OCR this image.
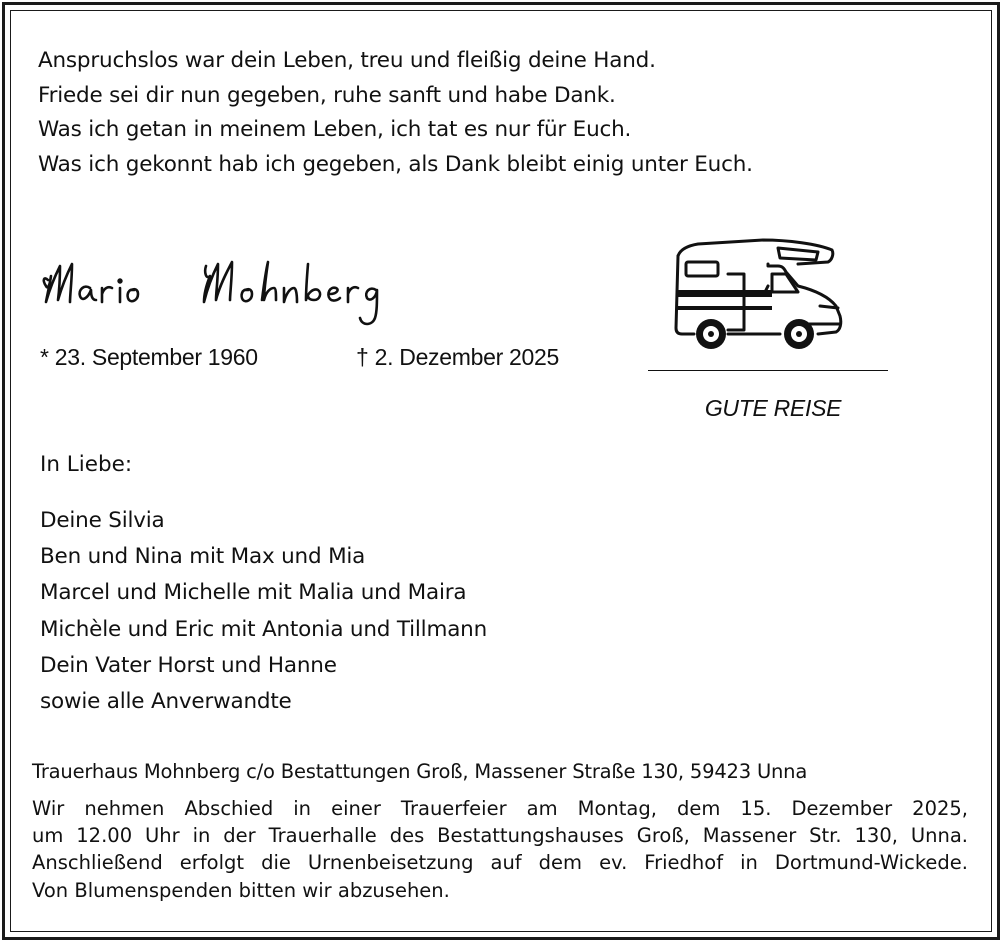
Anspruchslos war dein Leben, treu und fleißig deine Hand.
Friede sei dir nun gegeben, ruhe sanft und habe Dank.
Was ich getan in meinem Leben, ich tat es nur für Euch.
Was ich gekonnt hab ich gegeben, als Dank bleibt einig unter Euch.
* 23. September 1960	† 2. Dezember 2025
GUTE REISE
In Liebe:
Deine Silvia
Ben und Nina mit Max und Mia
Marcel und Michelle mit Malia und Maira
Michèle und Eric mit Antonia und Tillmann
Dein Vater Horst und Hanne
sowie alle Anverwandte
Trauerhaus Mohnberg c/o Bestattungen Groß, Massener Straße 130, 59423 Unna
Wir nehmen Abschied in einer Trauerfeier am Montag, dem 15. Dezember 2025,
um 12.00 Uhr in der Trauerhalle des Bestattungshauses Groß, Massener Str. 130, Unna.
Anschließend erfolgt die Urnenbeisetzung auf dem ev. Friedhof in Dortmund-Wickede.
Von Blumenspenden bitten wir abzusehen.
